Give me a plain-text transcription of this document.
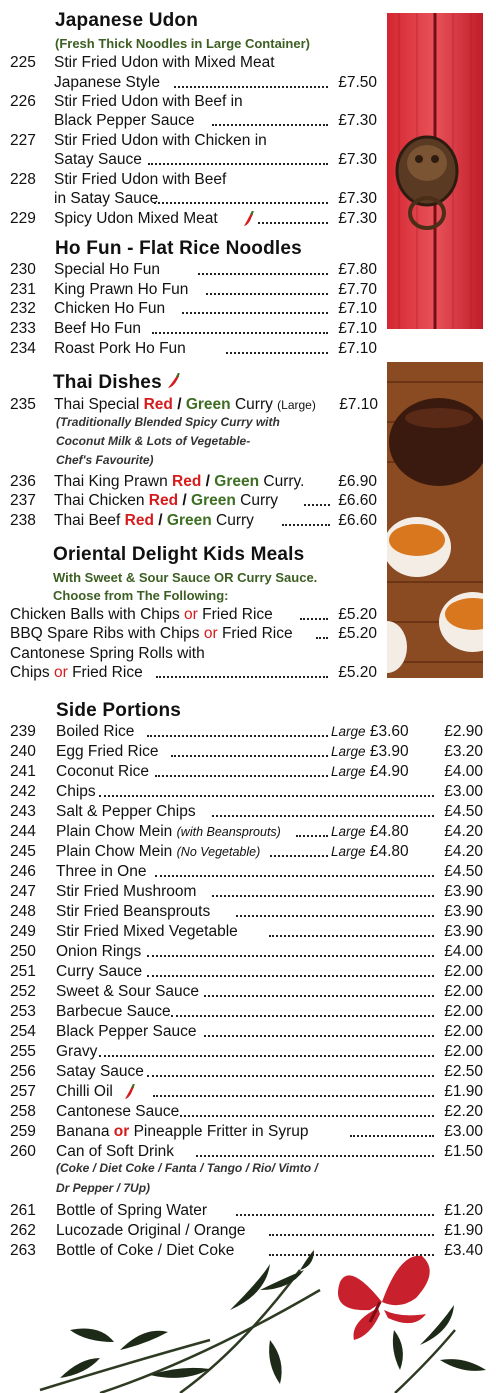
Japanese Udon
(Fresh Thick Noodles in Large Container)
225 Stir Fried Udon with Mixed Meat
Japanese Style	£7.50
226 Stir Fried Udon with Beef in
Black Pepper Sauce	£7.30
227 Stir Fried Udon with Chicken in
Satay Sauce	£7.30
228 Stir Fried Udon with Beef
in Satay Sauce	£7.30
229 Spicy Udon Mixed Meat	£7.30
Ho Fun - Flat Rice Noodles
230 Special Ho Fun	£7.80
231 King Prawn Ho Fun	£7.70
232 Chicken Ho Fun	£7.10
233 Beef Ho Fun	£7.10
234 Roast Pork Ho Fun	£7.10
Thai Dishes
235 Thai Special Red / Green Curry (Large) £7.10
(Traditionally Blended Spicy Curry with
Coconut Milk & Lots of Vegetable-
Chef's Favourite)
236 Thai King Prawn Red / Green Curry. £6.90
237 Thai Chicken Red / Green Curry	£6.60
238 Thai Beef Red / Green Curry	£6.60
Oriental Delight Kids Meals
With Sweet & Sour Sauce OR Curry Sauce.
Choose from The Following:
Chicken Balls with Chips or Fried Rice	£5.20
BBQ Spare Ribs with Chips or Fried Rice	£5.20
Cantonese Spring Rolls with
Chips or Fried Rice	£5.20
Side Portions
239 Boiled Rice	Large £3.60 £2.90
240 Egg Fried Rice	Large £3.90 £3.20
241 Coconut Rice	Large £4.90 £4.00
242 Chips	£3.00
243 Salt & Pepper Chips	£4.50
244 Plain Chow Mein (with Beansprouts)	Large £4.80 £4.20
245 Plain Chow Mein (No Vegetable)	Large £4.80 £4.20
246 Three in One	£4.50
247 Stir Fried Mushroom	£3.90
248 Stir Fried Beansprouts	£3.90
249 Stir Fried Mixed Vegetable	£3.90
250 Onion Rings	£4.00
251 Curry Sauce	£2.00
252 Sweet & Sour Sauce	£2.00
253 Barbecue Sauce	£2.00
254 Black Pepper Sauce	£2.00
255 Gravy	£2.00
256 Satay Sauce	£2.50
257 Chilli Oil	£1.90
258 Cantonese Sauce	£2.20
259 Banana or Pineapple Fritter in Syrup	£3.00
260 Can of Soft Drink	£1.50
261 Bottle of Spring Water	£1.20
262 Lucozade Original / Orange	£1.90
263 Bottle of Coke / Diet Coke	£3.40
(Coke / Diet Coke / Fanta / Tango / Rio/ Vimto /
Dr Pepper / 7Up)
